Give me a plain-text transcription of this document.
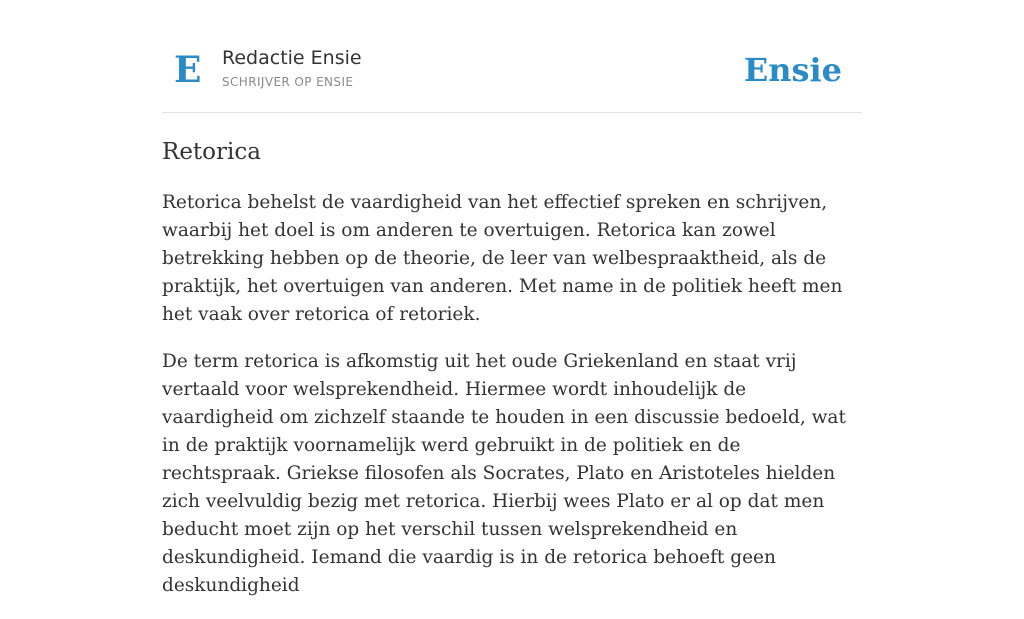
E Redactie Ensie
SCHRIJVER OP ENSIE	Ensie
Retorica

Retorica behelst de vaardigheid van het effectief spreken en schrijven, waarbij het doel is om anderen te overtuigen. Retorica kan zowel betrekking hebben op de theorie, de leer van welbespraaktheid, als de praktijk, het overtuigen van anderen. Met name in de politiek heeft men het vaak over retorica of retoriek.

De term retorica is afkomstig uit het oude Griekenland en staat vrij vertaald voor welsprekendheid. Hiermee wordt inhoudelijk de vaardigheid om zichzelf staande te houden in een discussie bedoeld, wat in de praktijk voornamelijk werd gebruikt in de politiek en de rechtspraak. Griekse filosofen als Socrates, Plato en Aristoteles hielden zich veelvuldig bezig met retorica. Hierbij wees Plato er al op dat men beducht moet zijn op het verschil tussen welsprekendheid en deskundigheid. Iemand die vaardig is in de retorica behoeft geen deskundigheid
